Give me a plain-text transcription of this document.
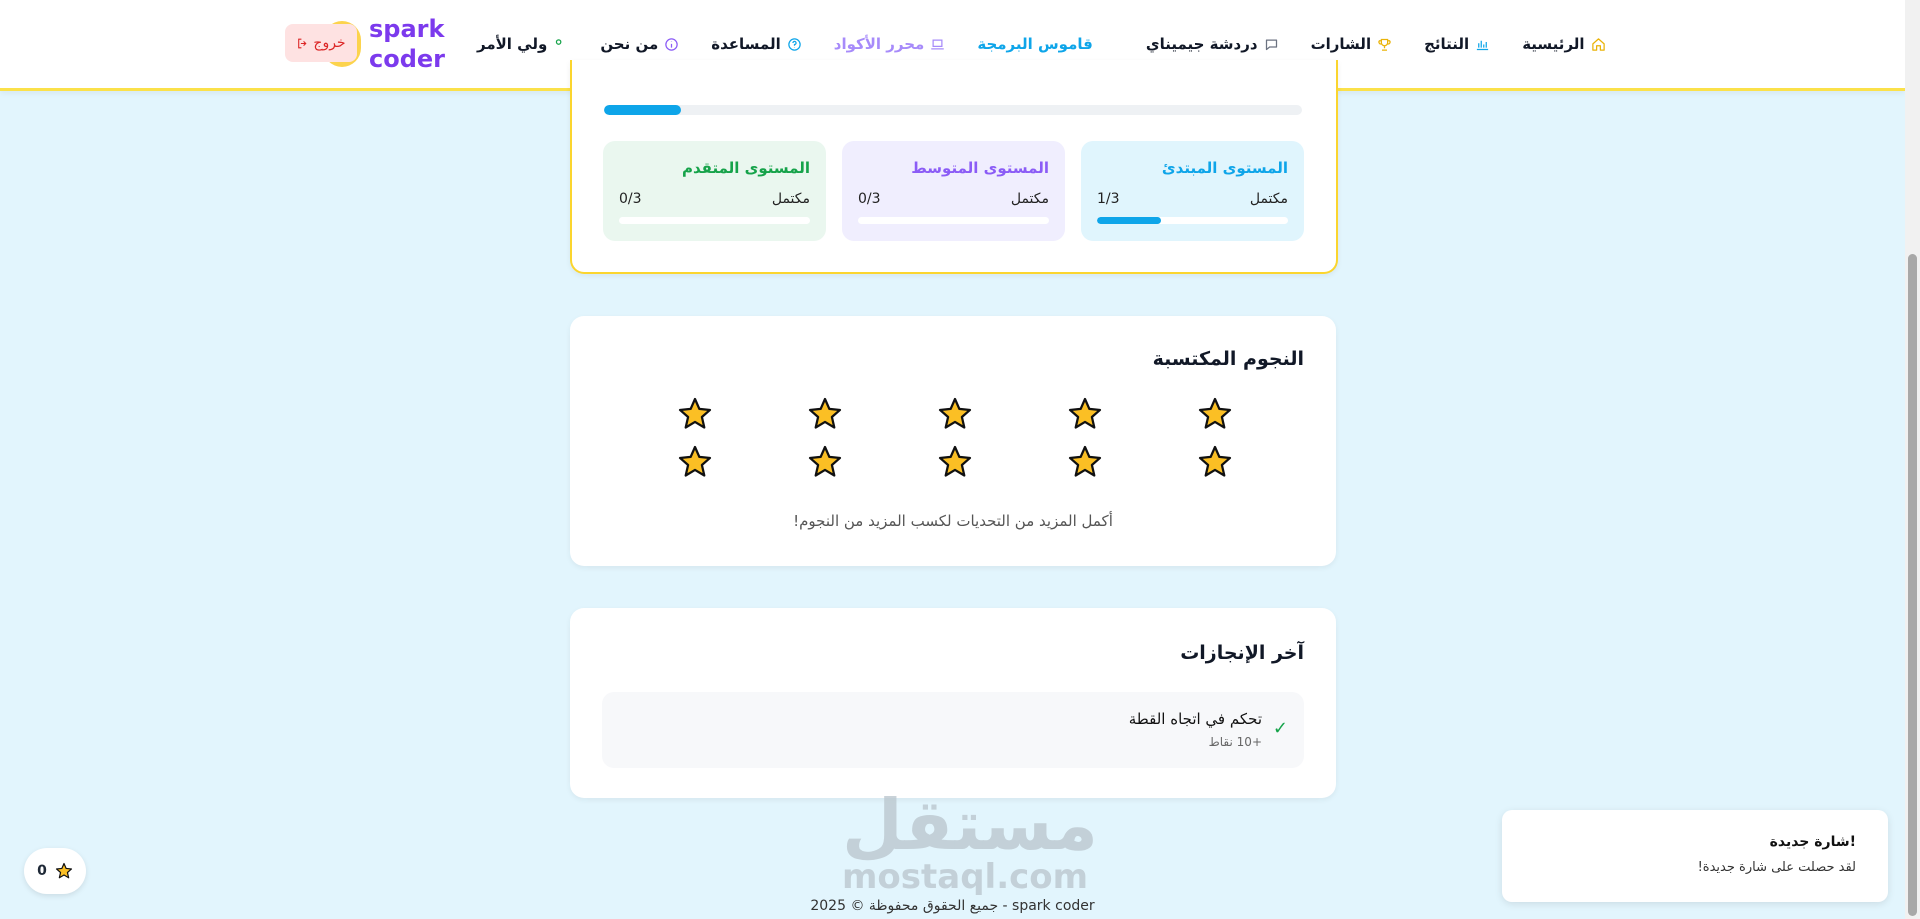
spark
coder
الرئيسية
النتائج
الشارات
دردشة جيميناي
قاموس البرمجة
محرر الأكواد
المساعدة
من نحن
ولي الأمر
خروج
المستوى المبتدئ
مكتمل
1/3
المستوى المتوسط
مكتمل
0/3
المستوى المتقدم
مكتمل
0/3
النجوم المكتسبة
أكمل المزيد من التحديات لكسب المزيد من النجوم!
آخر الإنجازات
✓
تحكم في اتجاه القطة
+10 نقاط
مستقل
mostaql.com
جميع الحقوق محفوظة © 2025 - spark coder
شارة جديدة!
لقد حصلت على شارة جديدة!
0
